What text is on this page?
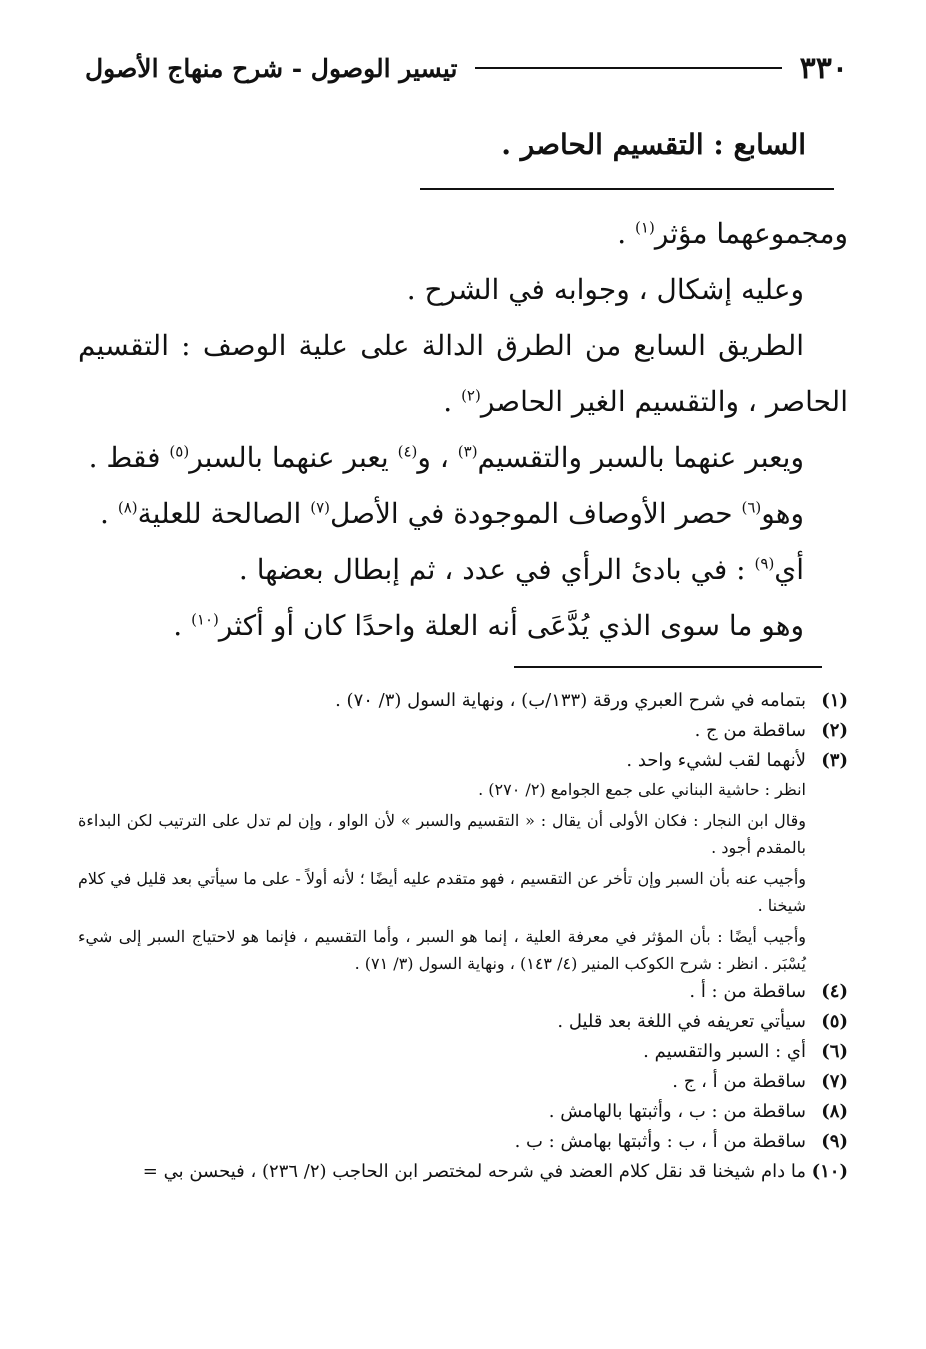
٣٣٠
تيسير الوصول - شرح منهاج الأصول
السابع : التقسيم الحاصر .

ومجموعهما مؤثر$^{(١)}$ .

وعليه إشكال ، وجوابه في الشرح .

الطريق السابع من الطرق الدالة على علية الوصف : التقسيم الحاصر ، والتقسيم الغير الحاصر$^{(٢)}$ .

ويعبر عنهما بالسبر والتقسيم$^{(٣)}$ ، و$^{(٤)}$ يعبر عنهما بالسبر$^{(٥)}$ فقط .

وهو$^{(٦)}$ حصر الأوصاف الموجودة في الأصل$^{(٧)}$ الصالحة للعلية$^{(٨)}$ .

أي$^{(٩)}$ : في بادئ الرأي في عدد ، ثم إبطال بعضها .

وهو ما سوى الذي يُدَّعَى أنه العلة واحدًا كان أو أكثر$^{(١٠)}$ .

(١)
بتمامه في شرح العبري ورقة (١٣٣/ب) ، ونهاية السول (٣/ ٧٠) .
(٢)
ساقطة من ج .
(٣)
لأنهما لقب لشيء واحد .

انظر : حاشية البناني على جمع الجوامع (٢/ ٢٧٠) .

وقال ابن النجار : فكان الأولى أن يقال : « التقسيم والسبر » لأن الواو ، وإن لم تدل على الترتيب لكن البداءة بالمقدم أجود .

وأجيب عنه بأن السبر وإن تأخر عن التقسيم ، فهو متقدم عليه أيضًا ؛ لأنه أولاً - على ما سيأتي بعد قليل في كلام شيخنا .

وأجيب أيضًا : بأن المؤثر في معرفة العلية ، إنما هو السبر ، وأما التقسيم ، فإنما هو لاحتياج السبر إلى شيء يُسْبَر . انظر : شرح الكوكب المنير (٤/ ١٤٣) ، ونهاية السول (٣/ ٧١) .

(٤)
ساقطة من : أ .
(٥)
سيأتي تعريفه في اللغة بعد قليل .
(٦)
أي : السبر والتقسيم .
(٧)
ساقطة من أ ، ج .
(٨)
ساقطة من : ب ، وأثبتها بالهامش .
(٩)
ساقطة من أ ، ب : وأثبتها بهامش : ب .
(١٠)
ما دام شيخنا قد نقل كلام العضد في شرحه لمختصر ابن الحاجب (٢/ ٢٣٦) ، فيحسن بي =
